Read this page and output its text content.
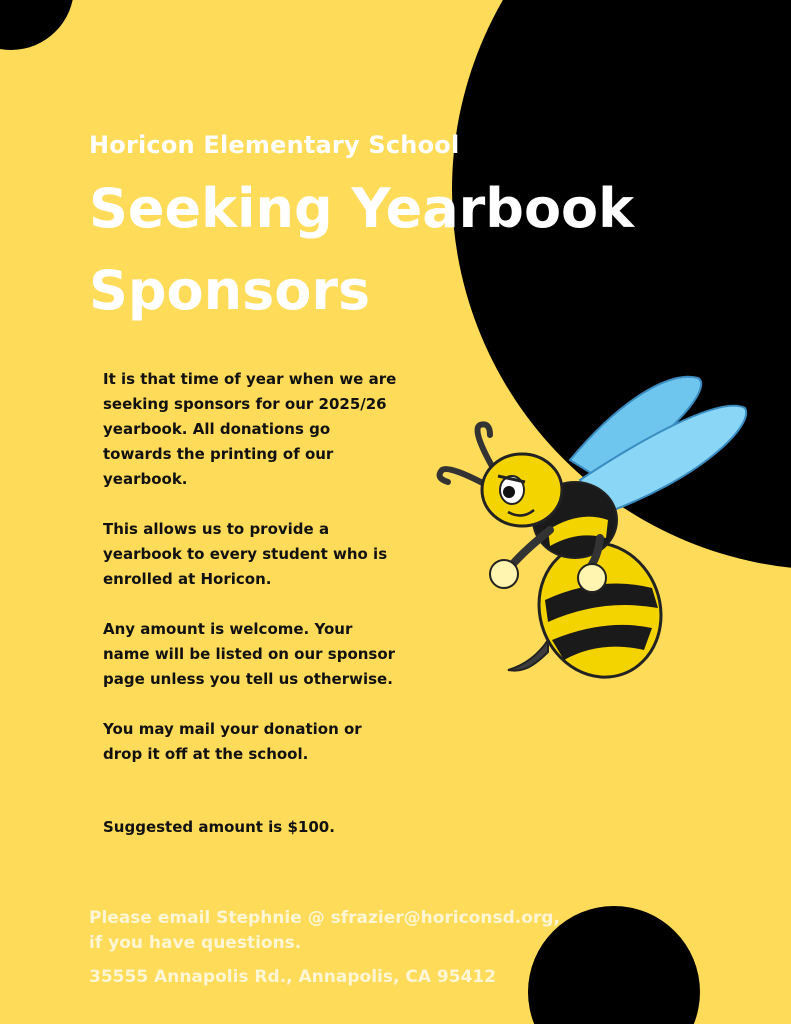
Horicon Elementary School
Seeking Yearbook
Sponsors

It is that time of year when we are seeking sponsors for our 2025/26 yearbook. All donations go towards the printing of our yearbook.

This allows us to provide a yearbook to every student who is enrolled at Horicon.

Any amount is welcome. Your name will be listed on our sponsor page unless you tell us otherwise.

You may mail your donation or drop it off at the school.

Suggested amount is $100.

Please email Stephnie @ sfrazier@horiconsd.org,
if you have questions.
35555 Annapolis Rd., Annapolis, CA 95412
